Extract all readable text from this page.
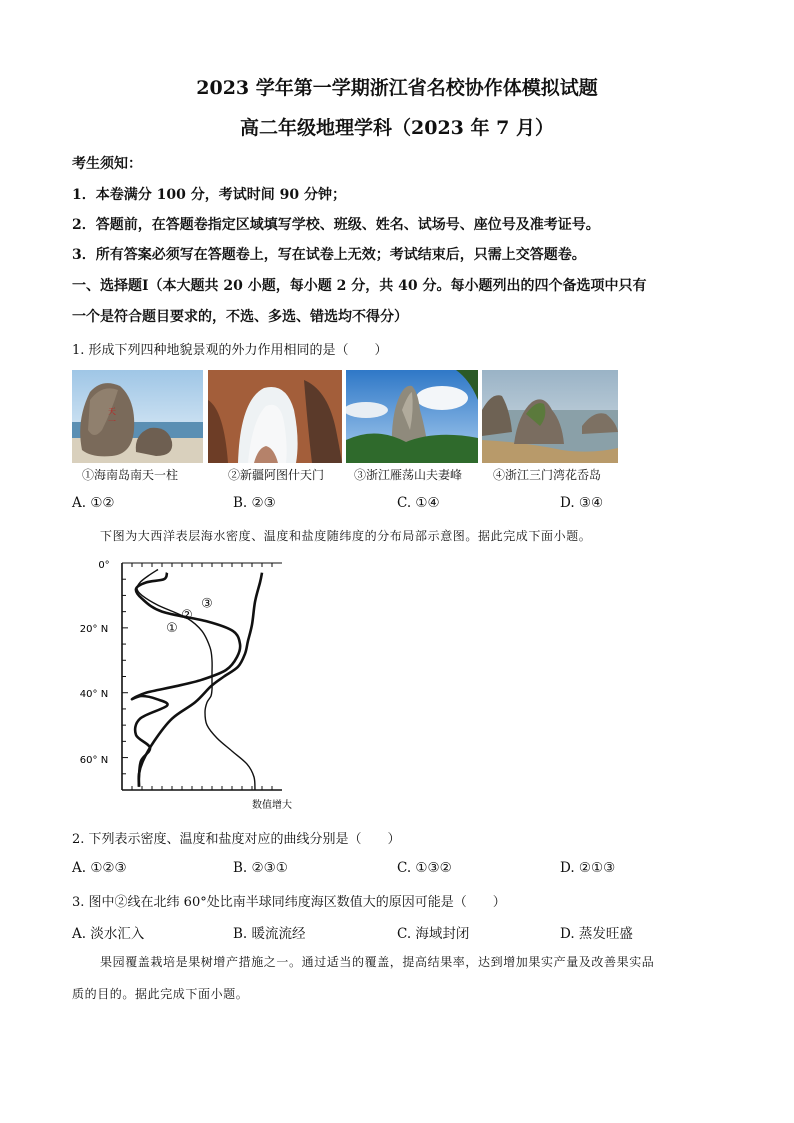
2023 学年第一学期浙江省名校协作体模拟试题
高二年级地理学科（2023 年 7 月）
考生须知：
1．本卷满分 100 分，考试时间 90 分钟；
2．答题前，在答题卷指定区域填写学校、班级、姓名、试场号、座位号及准考证号。
3．所有答案必须写在答题卷上，写在试卷上无效；考试结束后，只需上交答题卷。
一、选择题Ⅰ（本大题共 20 小题，每小题 2 分，共 40 分。每小题列出的四个备选项中只有
一个是符合题目要求的，不选、多选、错选均不得分）
1. 形成下列四种地貌景观的外力作用相同的是（　　）
天
一
①海南岛南天一柱	②新疆阿图什天门 ③浙江雁荡山夫妻峰	④浙江三门湾花岙岛
A. ①②	B. ②③	C. ①④	D. ③④
下图为大西洋表层海水密度、温度和盐度随纬度的分布局部示意图。据此完成下面小题。
0°
20° N
40° N
60° N
数值增大
①
②
③
2. 下列表示密度、温度和盐度对应的曲线分别是（　　）
A. ①②③	B. ②③①	C. ①③②	D. ②①③
3. 图中②线在北纬 60°处比南半球同纬度海区数值大的原因可能是（　　）
A. 淡水汇入	B. 暖流流经	C. 海域封闭	D. 蒸发旺盛
果园覆盖栽培是果树增产措施之一。通过适当的覆盖，提高结果率，达到增加果实产量及改善果实品
质的目的。据此完成下面小题。
